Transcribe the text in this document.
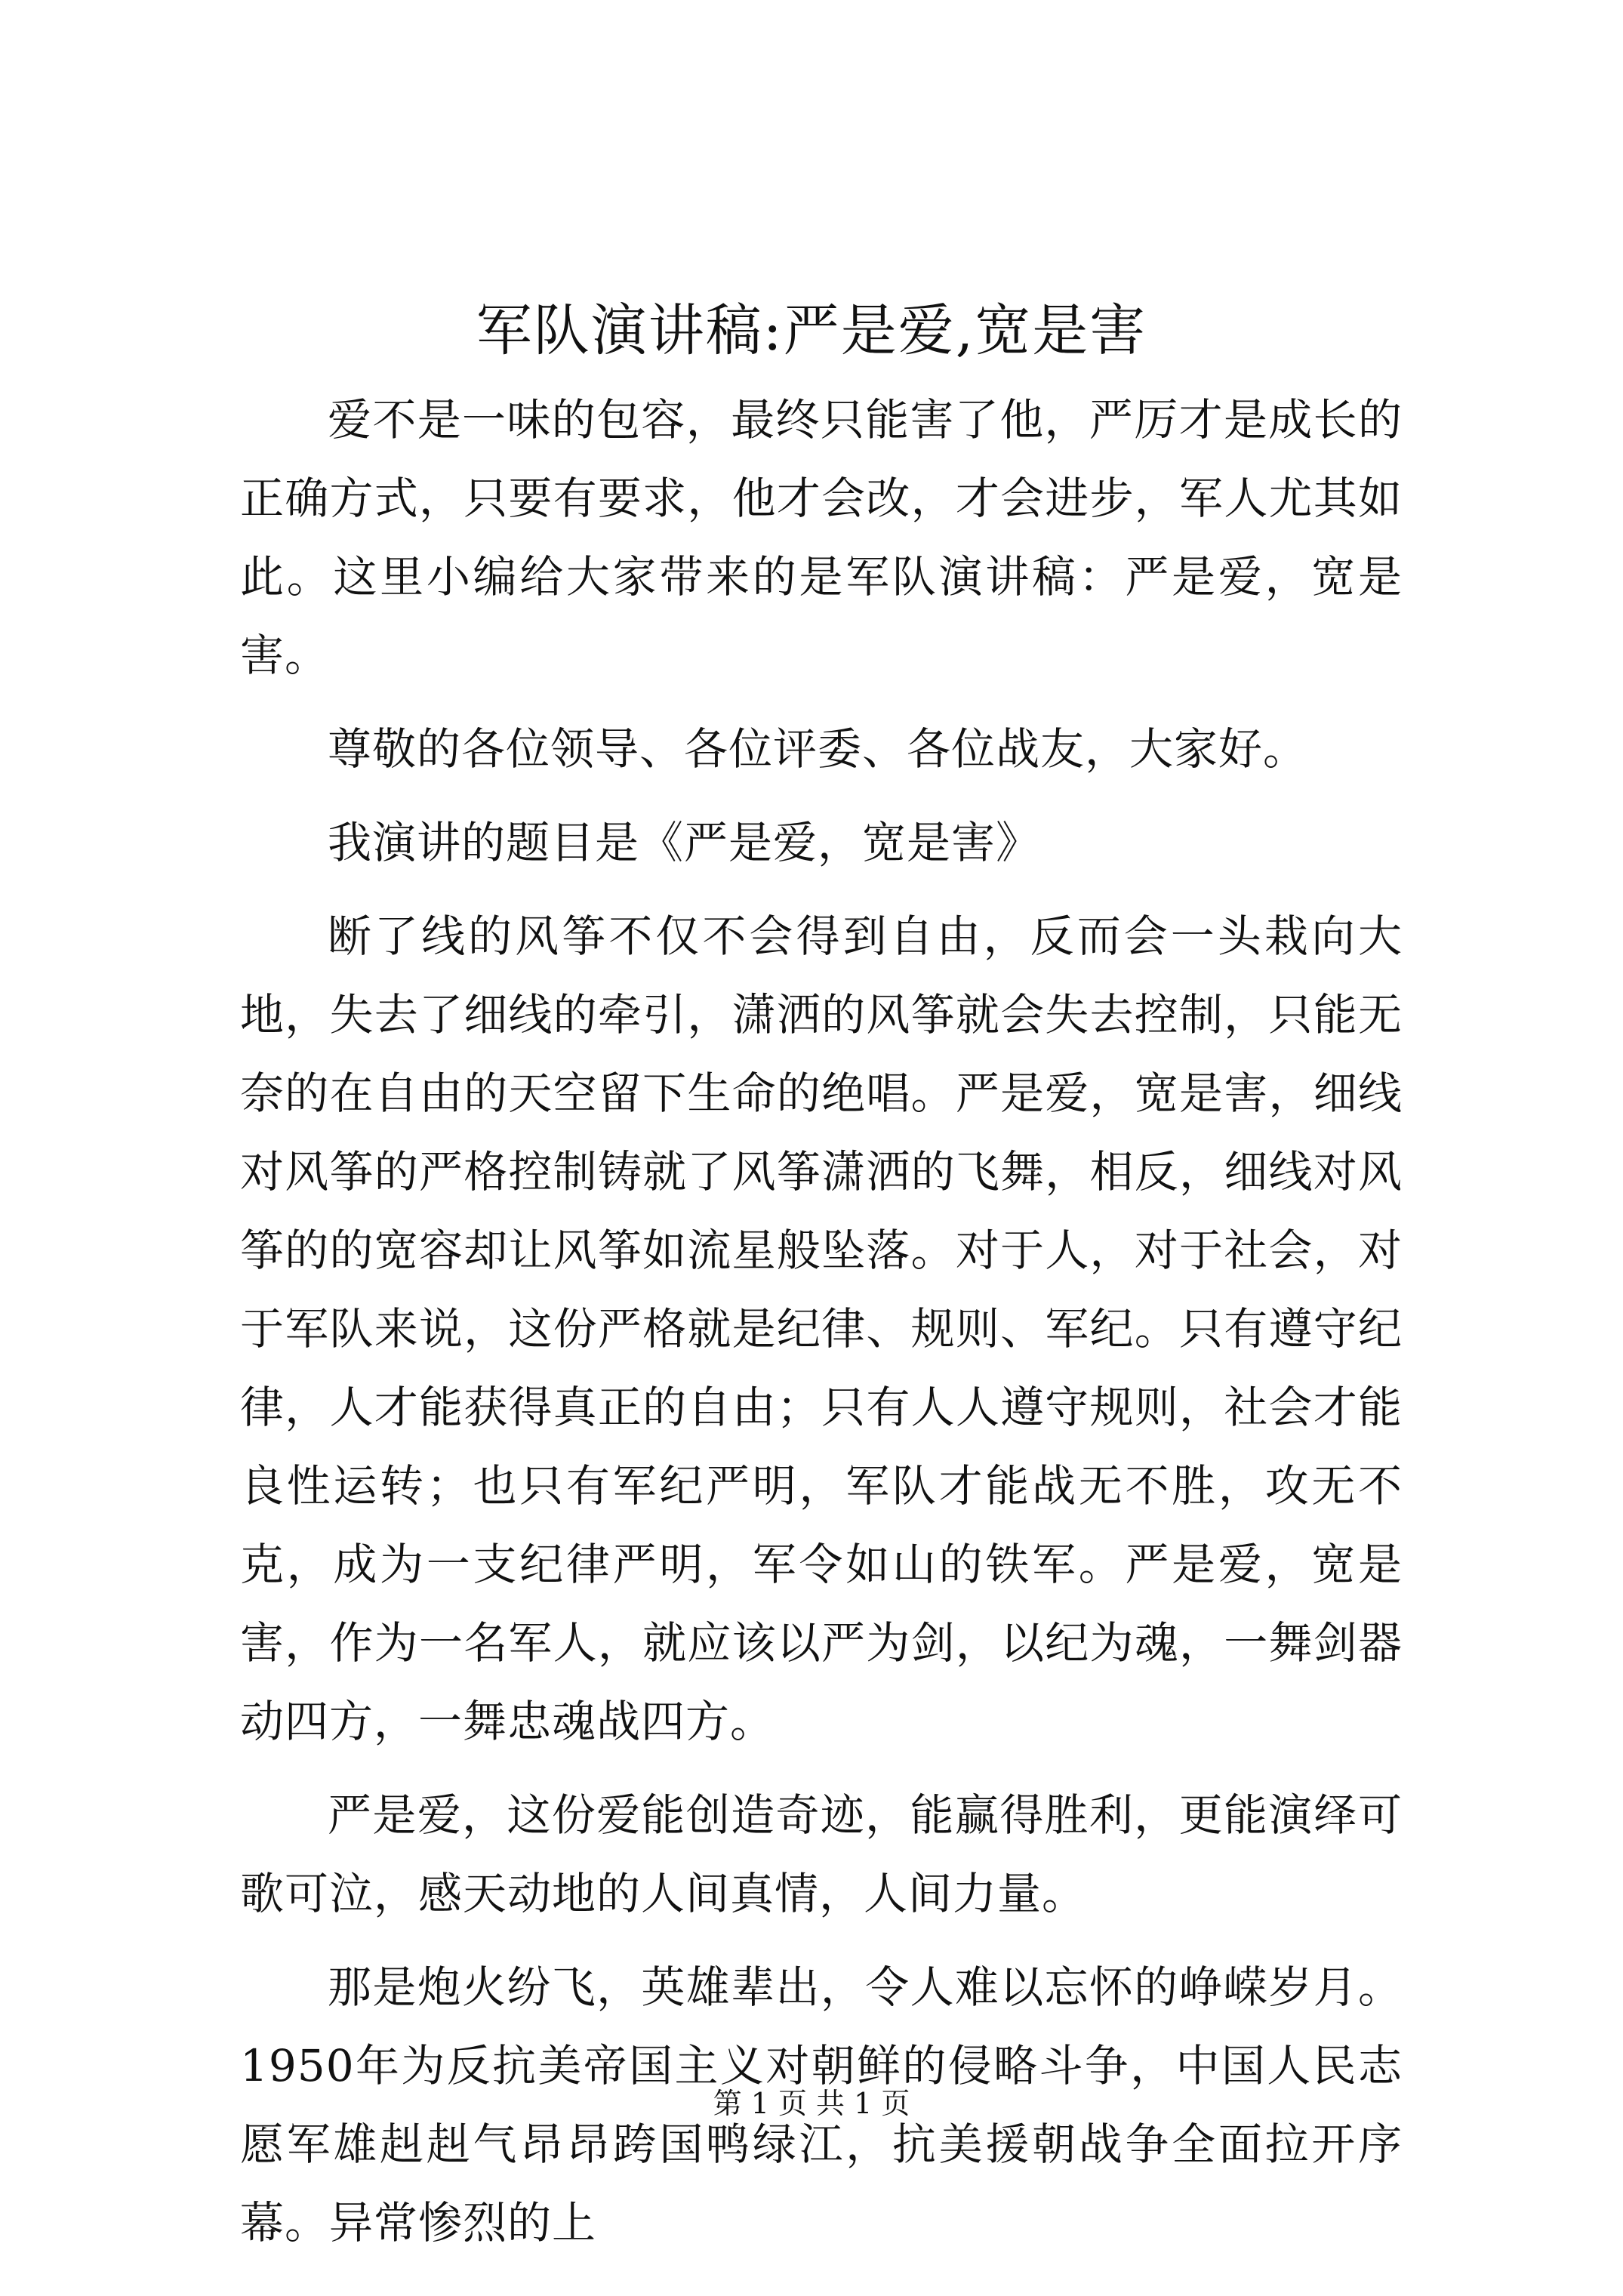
军队演讲稿:严是爱,宽是害

爱不是一味的包容，最终只能害了他，严厉才是成长的正确方式，只要有要求，他才会改，才会进步，军人尤其如此。这里小编给大家带来的是军队演讲稿：严是爱，宽是害。

尊敬的各位领导、各位评委、各位战友，大家好。

我演讲的题目是《严是爱，宽是害》

断了线的风筝不仅不会得到自由，反而会一头栽向大地，失去了细线的牵引，潇洒的风筝就会失去控制，只能无奈的在自由的天空留下生命的绝唱。严是爱，宽是害，细线对风筝的严格控制铸就了风筝潇洒的飞舞，相反，细线对风筝的的宽容却让风筝如流星般坠落。对于人，对于社会，对于军队来说，这份严格就是纪律、规则、军纪。只有遵守纪律，人才能获得真正的自由；只有人人遵守规则，社会才能良性运转；也只有军纪严明，军队才能战无不胜，攻无不克，成为一支纪律严明，军令如山的铁军。严是爱，宽是害，作为一名军人，就应该以严为剑，以纪为魂，一舞剑器动四方，一舞忠魂战四方。

严是爱，这份爱能创造奇迹，能赢得胜利，更能演绎可歌可泣，感天动地的人间真情，人间力量。

那是炮火纷飞，英雄辈出，令人难以忘怀的峥嵘岁月。1950年为反抗美帝国主义对朝鲜的侵略斗争，中国人民志愿军雄赳赳气昂昂跨国鸭绿江，抗美援朝战争全面拉开序幕。异常惨烈的上

第 1 页 共 1 页
